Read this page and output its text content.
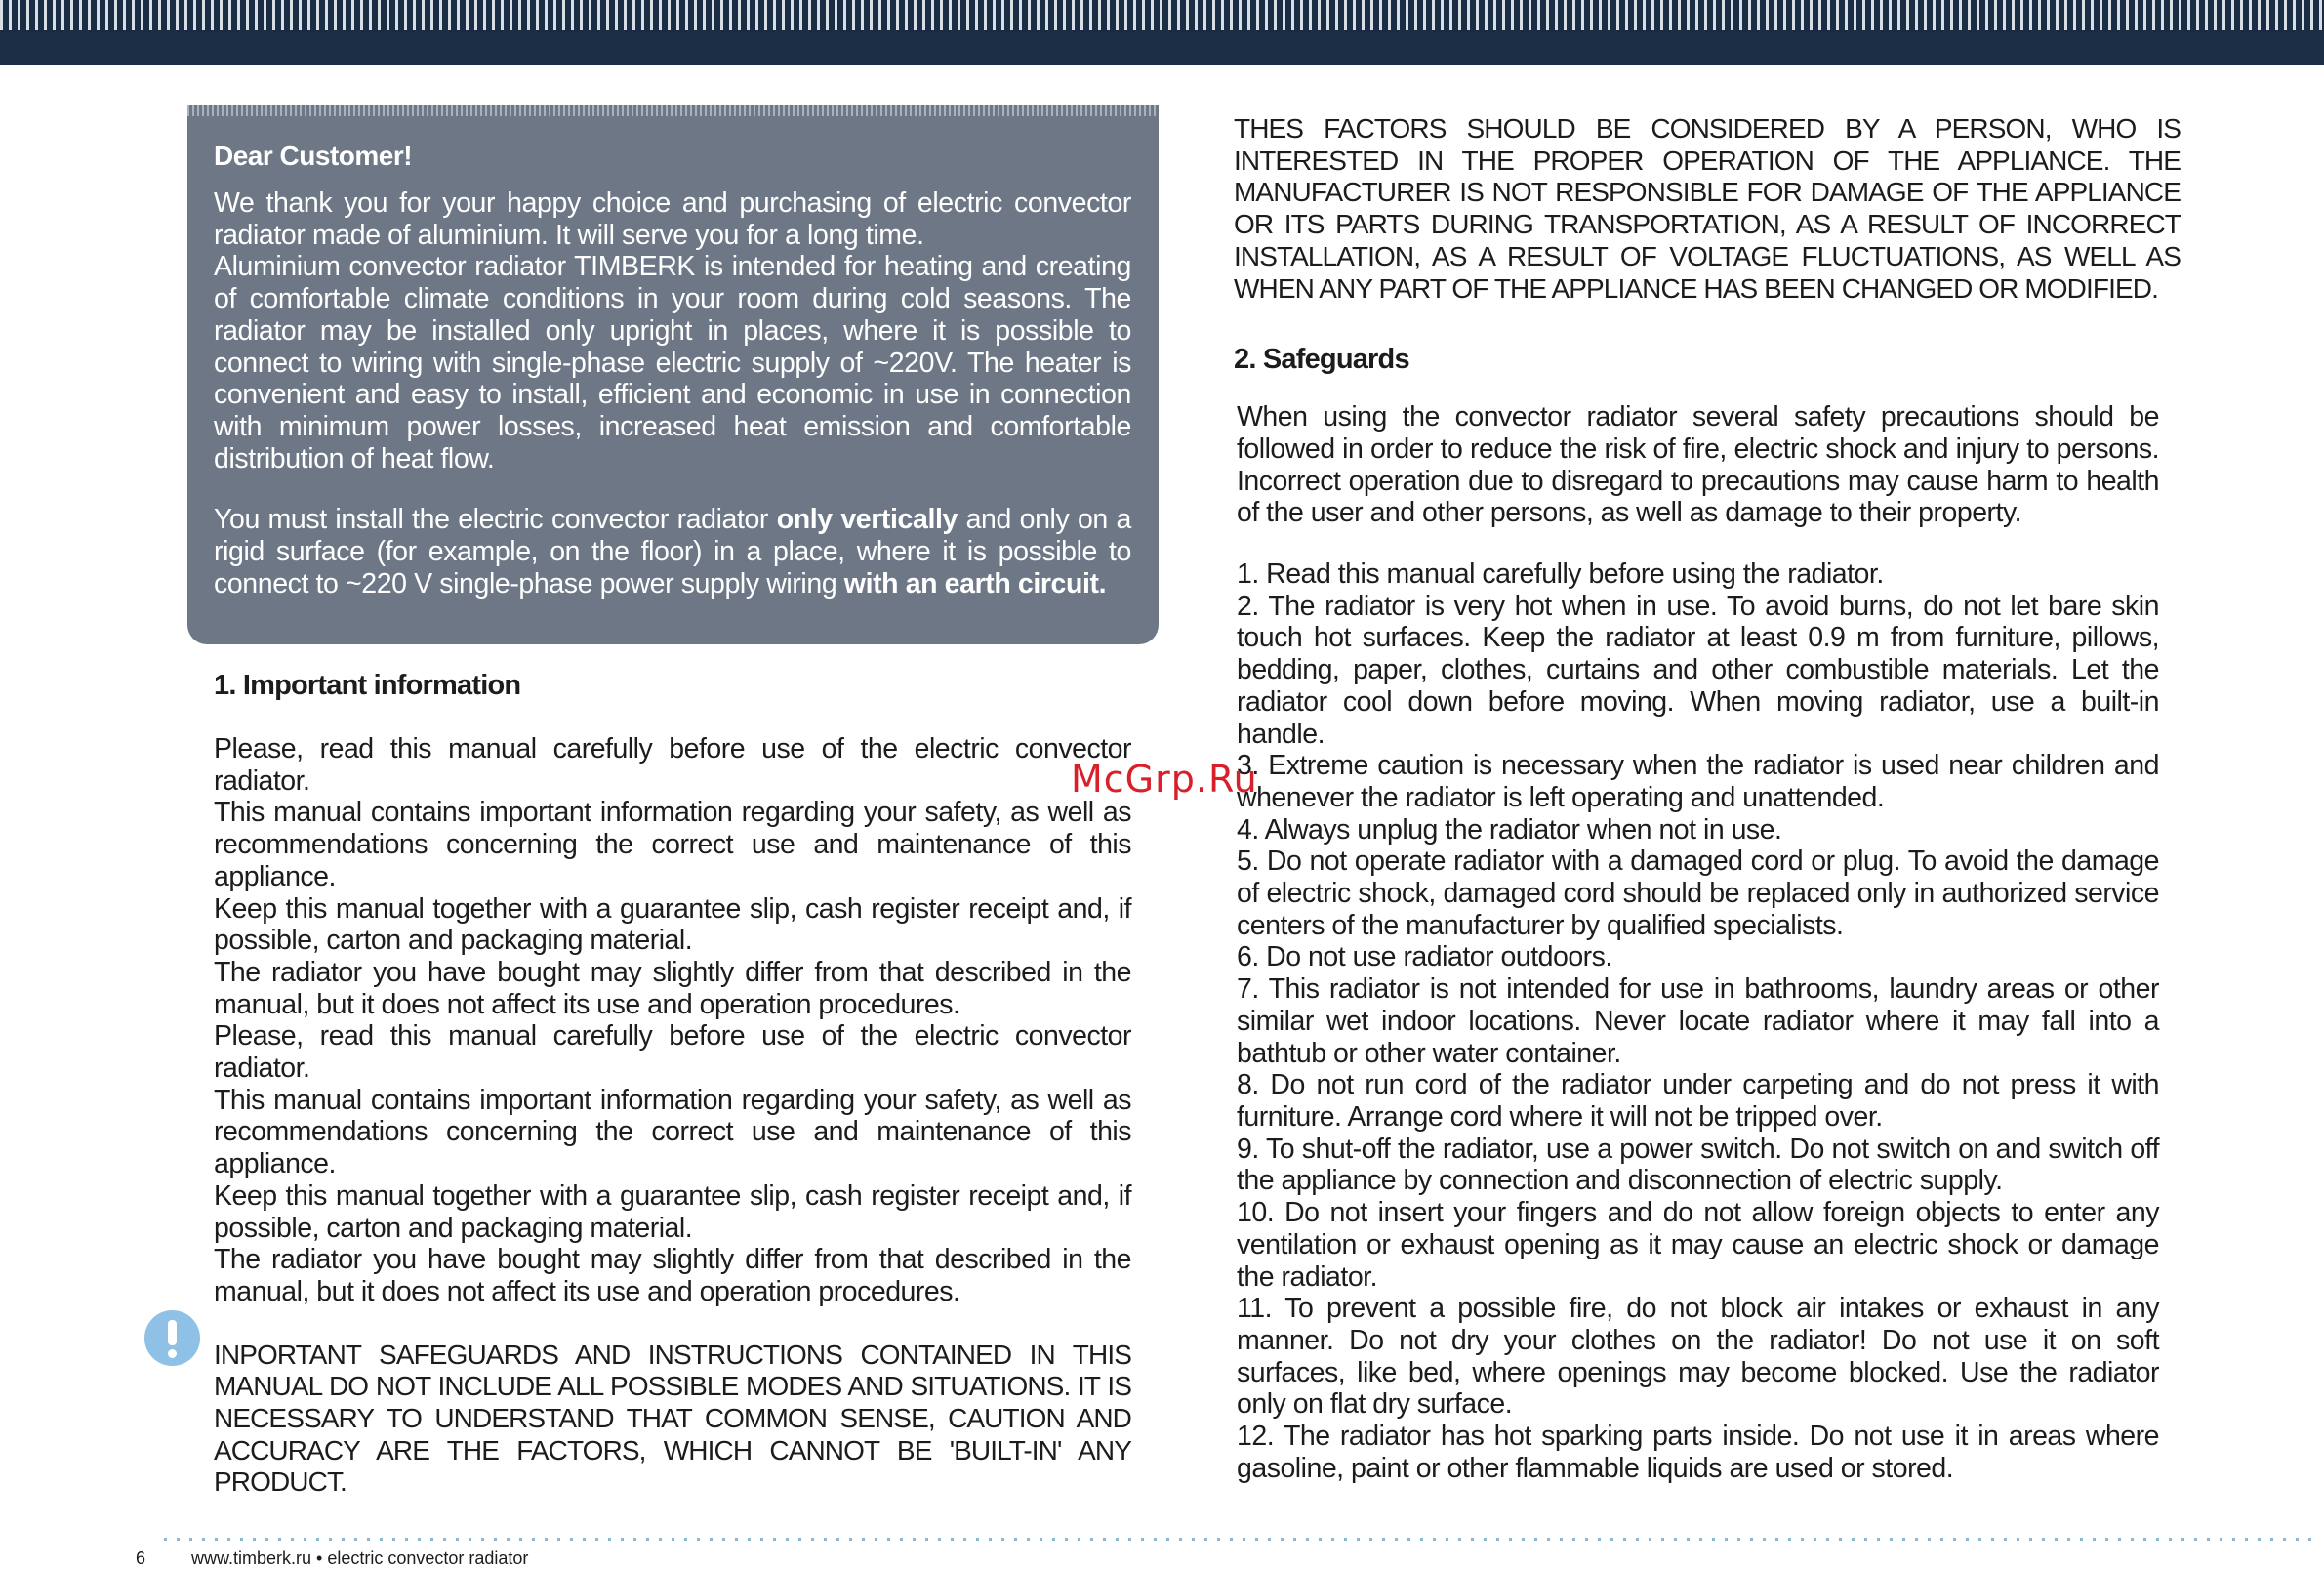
Dear Customer!

We thank you for your happy choice and purchasing of electric convector radiator made of aluminium. It will serve you for a long time.

Aluminium convector radiator TIMBERK is intended for heating and creating of comfortable climate conditions in your room during cold seasons. The radiator may be installed only upright in places, where it is possible to connect to wiring with single-phase electric supply of ~220V. The heater is convenient and easy to install, efficient and economic in use in connection with minimum power losses, increased heat emission and comfortable distribution of heat flow.

You must install the electric convector radiator only vertically and only on a rigid surface (for example, on the floor) in a place, where it is possible to connect to ~220 V single-phase power supply wiring with an earth circuit.

1. Important information

Please, read this manual carefully before use of the electric convector radiator.

This manual contains important information regarding your safety, as well as recommendations concerning the correct use and maintenance of this appliance.

Keep this manual together with a guarantee slip, cash register receipt and, if possible, carton and packaging material.

The radiator you have bought may slightly differ from that described in the manual, but it does not affect its use and operation procedures.

Please, read this manual carefully before use of the electric convector radiator.

This manual contains important information regarding your safety, as well as recommendations concerning the correct use and maintenance of this appliance.

Keep this manual together with a guarantee slip, cash register receipt and, if possible, carton and packaging material.

The radiator you have bought may slightly differ from that described in the manual, but it does not affect its use and operation procedures.

INPORTANT SAFEGUARDS AND INSTRUCTIONS CONTAINED IN THIS MANUAL DO NOT INCLUDE ALL POSSIBLE MODES AND SITUATIONS. IT IS NECESSARY TO UNDERSTAND THAT COMMON SENSE, CAUTION AND ACCURACY ARE THE FACTORS, WHICH CANNOT BE 'BUILT-IN' ANY PRODUCT.

THES FACTORS SHOULD BE CONSIDERED BY A PERSON, WHO IS INTERESTED IN THE PROPER OPERATION OF THE APPLIANCE. THE MANUFACTURER IS NOT RESPONSIBLE FOR DAMAGE OF THE APPLIANCE OR ITS PARTS DURING TRANSPORTATION, AS A RESULT OF INCORRECT INSTALLATION, AS A RESULT OF VOLTAGE FLUCTUATIONS, AS WELL AS WHEN ANY PART OF THE APPLIANCE HAS BEEN CHANGED OR MODIFIED.

2. Safeguards

When using the convector radiator several safety precautions should be followed in order to reduce the risk of fire, electric shock and injury to persons. Incorrect operation due to disregard to precautions may cause harm to health of the user and other persons, as well as damage to their property.

1. Read this manual carefully before using the radiator.

2. The radiator is very hot when in use. To avoid burns, do not let bare skin touch hot surfaces. Keep the radiator at least 0.9 m from furniture, pillows, bedding, paper, clothes, curtains and other combustible materials. Let the radiator cool down before moving. When moving radiator, use a built-in handle.

3. Extreme caution is necessary when the radiator is used near children and whenever the radiator is left operating and unattended.

4. Always unplug the radiator when not in use.

5. Do not operate radiator with a damaged cord or plug. To avoid the damage of electric shock, damaged cord should be replaced only in authorized service centers of the manufacturer by qualified specialists.

6. Do not use radiator outdoors.

7. This radiator is not intended for use in bathrooms, laundry areas or other similar wet indoor locations. Never locate radiator where it may fall into a bathtub or other water container.

8. Do not run cord of the radiator under carpeting and do not press it with furniture. Arrange cord where it will not be tripped over.

9. To shut-off the radiator, use a power switch. Do not switch on and switch off the appliance by connection and disconnection of electric supply.

10. Do not insert your fingers and do not allow foreign objects to enter any ventilation or exhaust opening as it may cause an electric shock or damage the radiator.

11. To prevent a possible fire, do not block air intakes or exhaust in any manner. Do not dry your clothes on the radiator! Do not use it on soft surfaces, like bed, where openings may become blocked. Use the radiator only on flat dry surface.

12. The radiator has hot sparking parts inside. Do not use it in areas where gasoline, paint or other flammable liquids are used or stored.

McGrp.Ru
6	www.timberk.ru • electric convector radiator
